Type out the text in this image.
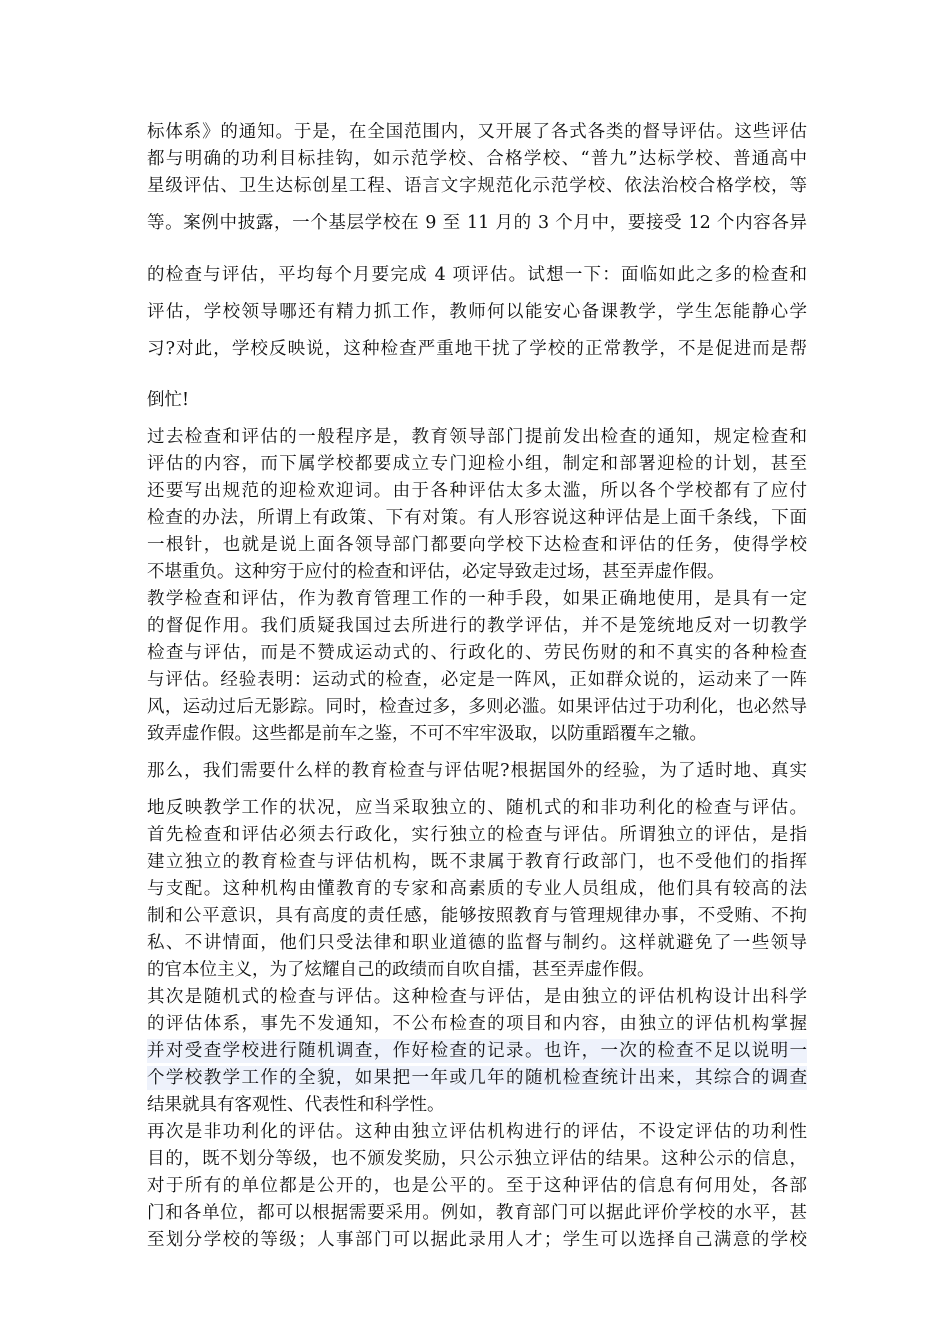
标体系》的通知。于是，在全国范围内，又开展了各式各类的督导评估。这些评估
都与明确的功利目标挂钩，如示范学校、合格学校、“普九”达标学校、普通高中
星级评估、卫生达标创星工程、语言文字规范化示范学校、依法治校合格学校，等
等。案例中披露，一个基层学校在 9 至 11 月的 3 个月中，要接受 12 个内容各异
的检查与评估，平均每个月要完成 4 项评估。试想一下：面临如此之多的检查和
评估，学校领导哪还有精力抓工作，教师何以能安心备课教学，学生怎能静心学
习?对此，学校反映说，这种检查严重地干扰了学校的正常教学，不是促进而是帮
倒忙!
过去检查和评估的一般程序是，教育领导部门提前发出检查的通知，规定检查和
评估的内容，而下属学校都要成立专门迎检小组，制定和部署迎检的计划，甚至
还要写出规范的迎检欢迎词。由于各种评估太多太滥，所以各个学校都有了应付
检查的办法，所谓上有政策、下有对策。有人形容说这种评估是上面千条线，下面
一根针，也就是说上面各领导部门都要向学校下达检查和评估的任务，使得学校
不堪重负。这种穷于应付的检查和评估，必定导致走过场，甚至弄虚作假。
教学检查和评估，作为教育管理工作的一种手段，如果正确地使用，是具有一定
的督促作用。我们质疑我国过去所进行的教学评估，并不是笼统地反对一切教学
检查与评估，而是不赞成运动式的、行政化的、劳民伤财的和不真实的各种检查
与评估。经验表明：运动式的检查，必定是一阵风，正如群众说的，运动来了一阵
风，运动过后无影踪。同时，检查过多，多则必滥。如果评估过于功利化，也必然导
致弄虚作假。这些都是前车之鉴，不可不牢牢汲取，以防重蹈覆车之辙。
那么，我们需要什么样的教育检查与评估呢?根据国外的经验，为了适时地、真实
地反映教学工作的状况，应当采取独立的、随机式的和非功利化的检查与评估。
首先检查和评估必须去行政化，实行独立的检查与评估。所谓独立的评估，是指
建立独立的教育检查与评估机构，既不隶属于教育行政部门，也不受他们的指挥
与支配。这种机构由懂教育的专家和高素质的专业人员组成，他们具有较高的法
制和公平意识，具有高度的责任感，能够按照教育与管理规律办事，不受贿、不拘
私、不讲情面，他们只受法律和职业道德的监督与制约。这样就避免了一些领导
的官本位主义，为了炫耀自己的政绩而自吹自擂，甚至弄虚作假。
其次是随机式的检查与评估。这种检查与评估，是由独立的评估机构设计出科学
的评估体系，事先不发通知，不公布检查的项目和内容，由独立的评估机构掌握
并对受查学校进行随机调查，作好检查的记录。也许，一次的检查不足以说明一
个学校教学工作的全貌，如果把一年或几年的随机检查统计出来，其综合的调查
结果就具有客观性、代表性和科学性。
再次是非功利化的评估。这种由独立评估机构进行的评估，不设定评估的功利性
目的，既不划分等级，也不颁发奖励，只公示独立评估的结果。这种公示的信息，
对于所有的单位都是公开的，也是公平的。至于这种评估的信息有何用处，各部
门和各单位，都可以根据需要采用。例如，教育部门可以据此评价学校的水平，甚
至划分学校的等级；人事部门可以据此录用人才；学生可以选择自己满意的学校
